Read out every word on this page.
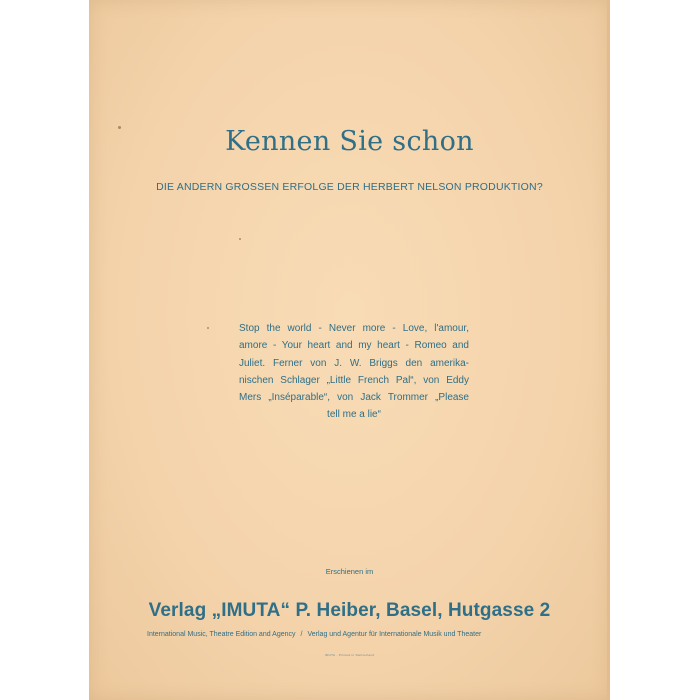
Kennen Sie schon
DIE ANDERN GROSSEN ERFOLGE DER HERBERT NELSON PRODUKTION?
Stop the world - Never more - Love, l'amour,
amore - Your heart and my heart - Romeo and
Juliet. Ferner von J. W. Briggs den amerika-
nischen Schlager „Little French Pal“, von Eddy
Mers „Inséparable“, von Jack Trommer „Please
tell me a lie“
Erschienen im
Verlag „IMUTA“ P. Heiber, Basel, Hutgasse 2
International Music, Theatre Edition and Agency / Verlag und Agentur für Internationale Musik und Theater
IMUTA · Printed in Switzerland
